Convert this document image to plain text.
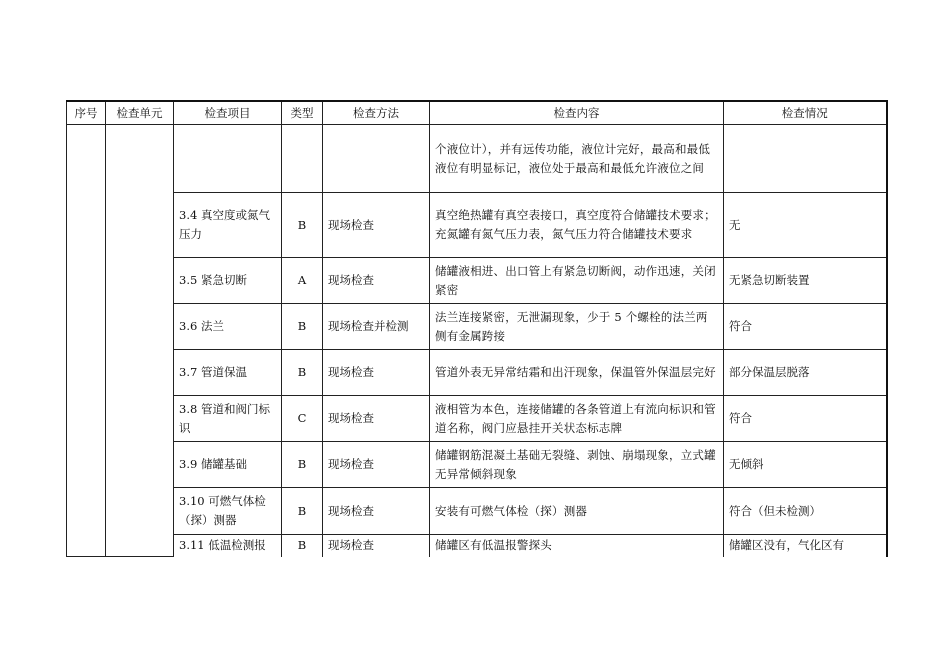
序号	检查单元	检查项目	类型	检查方法	检查内容	检查情况
					个液位计），并有远传功能，液位计完好，最高和最低液位有明显标记，液位处于最高和最低允许液位之间	
		3.4 真空度或氮气压力	B	现场检查	真空绝热罐有真空表接口，真空度符合储罐技术要求；充氮罐有氮气压力表，氮气压力符合储罐技术要求	无
		3.5 紧急切断	A	现场检查	储罐液相进、出口管上有紧急切断阀，动作迅速，关闭紧密	无紧急切断装置
		3.6 法兰	B	现场检查并检测	法兰连接紧密，无泄漏现象，少于 5 个螺栓的法兰两侧有金属跨接	符合
		3.7 管道保温	B	现场检查	管道外表无异常结霜和出汗现象，保温管外保温层完好	部分保温层脱落
		3.8 管道和阀门标识	C	现场检查	液相管为本色，连接储罐的各条管道上有流向标识和管道名称，阀门应悬挂开关状态标志牌	符合
		3.9 储罐基础	B	现场检查	储罐钢筋混凝土基础无裂缝、剥蚀、崩塌现象，立式罐无异常倾斜现象	无倾斜
		3.10 可燃气体检（探）测器	B	现场检查	安装有可燃气体检（探）测器	符合（但未检测）
		3.11 低温检测报	B	现场检查	储罐区有低温报警探头	储罐区没有，气化区有
